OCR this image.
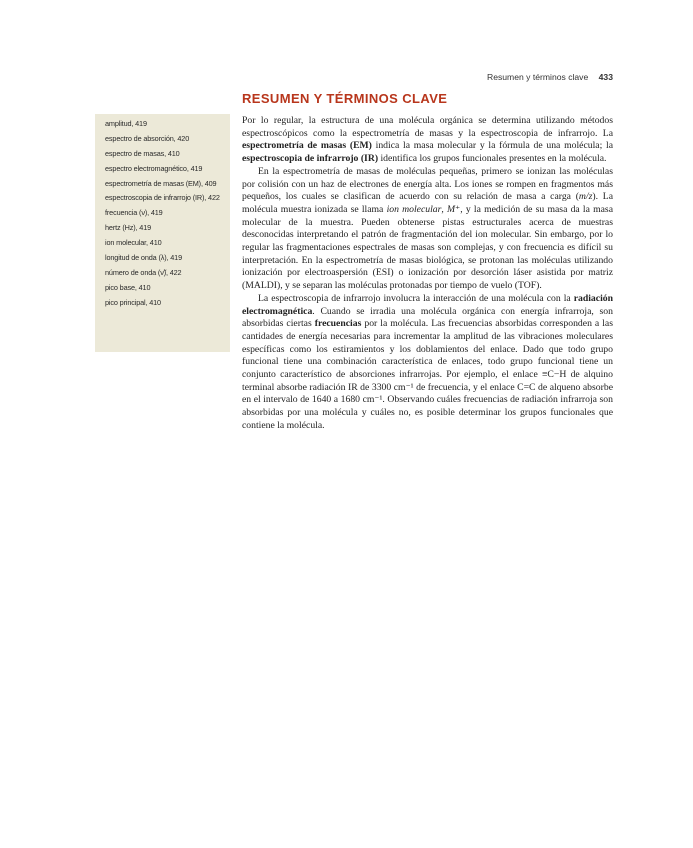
Resumen y términos clave 433
RESUMEN Y TÉRMINOS CLAVE
amplitud, 419
espectro de absorción, 420
espectro de masas, 410
espectro electromagnético, 419
espectrometría de masas (EM), 409
espectroscopia de infrarrojo (IR), 422
frecuencia (ν), 419
hertz (Hz), 419
ion molecular, 410
longitud de onda (λ), 419
número de onda (ν̃), 422
pico base, 410
pico principal, 410

Por lo regular, la estructura de una molécula orgánica se determina utilizando métodos espectroscópicos como la espectrometría de masas y la espectroscopia de infrarrojo. La espectrometría de masas (EM) indica la masa molecular y la fórmula de una molécula; la espectroscopia de infrarrojo (IR) identifica los grupos funcionales presentes en la molécula.

En la espectrometría de masas de moléculas pequeñas, primero se ionizan las moléculas por colisión con un haz de electrones de energía alta. Los iones se rompen en fragmentos más pequeños, los cuales se clasifican de acuerdo con su relación de masa a carga (m/z). La molécula muestra ionizada se llama ion molecular, M⁺, y la medición de su masa da la masa molecular de la muestra. Pueden obtenerse pistas estructurales acerca de muestras desconocidas interpretando el patrón de fragmentación del ion molecular. Sin embargo, por lo regular las fragmentaciones espectrales de masas son complejas, y con frecuencia es difícil su interpretación. En la espectrometría de masas biológica, se protonan las moléculas utilizando ionización por electroaspersión (ESI) o ionización por desorción láser asistida por matriz (MALDI), y se separan las moléculas protonadas por tiempo de vuelo (TOF).

La espectroscopia de infrarrojo involucra la interacción de una molécula con la radiación electromagnética. Cuando se irradia una molécula orgánica con energía infrarroja, son absorbidas ciertas frecuencias por la molécula. Las frecuencias absorbidas corresponden a las cantidades de energía necesarias para incrementar la amplitud de las vibraciones moleculares específicas como los estiramientos y los doblamientos del enlace. Dado que todo grupo funcional tiene una combinación característica de enlaces, todo grupo funcional tiene un conjunto característico de absorciones infrarrojas. Por ejemplo, el enlace ≡C−H de alquino terminal absorbe radiación IR de 3300 cm⁻¹ de frecuencia, y el enlace C=C de alqueno absorbe en el intervalo de 1640 a 1680 cm⁻¹. Observando cuáles frecuencias de radiación infrarroja son absorbidas por una molécula y cuáles no, es posible determinar los grupos funcionales que contiene la molécula.
